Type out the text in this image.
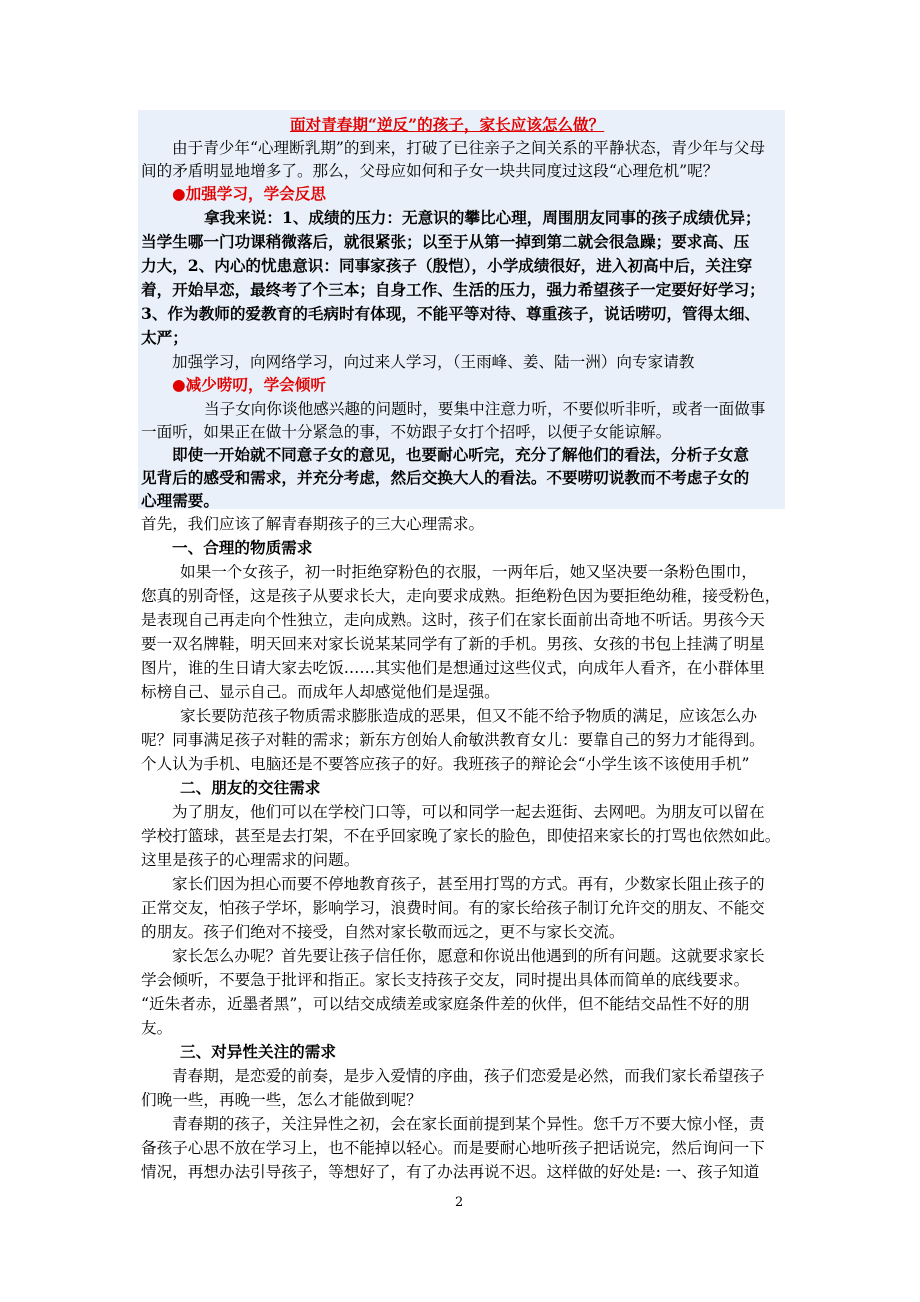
面对青春期“逆反”的孩子，家长应该怎么做？
由于青少年“心理断乳期”的到来，打破了已往亲子之间关系的平静状态，青少年与父母
间的矛盾明显地增多了。那么，父母应如何和子女一块共同度过这段“心理危机”呢？
●加强学习，学会反思
拿我来说：1、成绩的压力：无意识的攀比心理，周围朋友同事的孩子成绩优异；
当学生哪一门功课稍微落后，就很紧张；以至于从第一掉到第二就会很急躁；要求高、压
力大，2、内心的忧患意识：同事家孩子（殷恺），小学成绩很好，进入初高中后，关注穿
着，开始早恋，最终考了个三本；自身工作、生活的压力，强力希望孩子一定要好好学习；
3、作为教师的爱教育的毛病时有体现，不能平等对待、尊重孩子，说话唠叨，管得太细、
太严；
加强学习，向网络学习，向过来人学习，（王雨峰、姜、陆一洲）向专家请教
●减少唠叨，学会倾听
当子女向你谈他感兴趣的问题时，要集中注意力听，不要似听非听，或者一面做事
一面听，如果正在做十分紧急的事，不妨跟子女打个招呼，以便子女能谅解。
即使一开始就不同意子女的意见，也要耐心听完，充分了解他们的看法，分析子女意
见背后的感受和需求，并充分考虑，然后交换大人的看法。不要唠叨说教而不考虑子女的
心理需要。
首先，我们应该了解青春期孩子的三大心理需求。
一、合理的物质需求
如果一个女孩子，初一时拒绝穿粉色的衣服，一两年后，她又坚决要一条粉色围巾，
您真的别奇怪，这是孩子从要求长大，走向要求成熟。拒绝粉色因为要拒绝幼稚，接受粉色，
是表现自己再走向个性独立，走向成熟。这时，孩子们在家长面前出奇地不听话。男孩今天
要一双名牌鞋，明天回来对家长说某某同学有了新的手机。男孩、女孩的书包上挂满了明星
图片，谁的生日请大家去吃饭……其实他们是想通过这些仪式，向成年人看齐，在小群体里
标榜自己、显示自己。而成年人却感觉他们是逞强。
家长要防范孩子物质需求膨胀造成的恶果，但又不能不给予物质的满足，应该怎么办
呢？同事满足孩子对鞋的需求；新东方创始人俞敏洪教育女儿：要靠自己的努力才能得到。
个人认为手机、电脑还是不要答应孩子的好。我班孩子的辩论会“小学生该不该使用手机”
二、朋友的交往需求
为了朋友，他们可以在学校门口等，可以和同学一起去逛街、去网吧。为朋友可以留在
学校打篮球，甚至是去打架，不在乎回家晚了家长的脸色，即使招来家长的打骂也依然如此。
这里是孩子的心理需求的问题。
家长们因为担心而要不停地教育孩子，甚至用打骂的方式。再有，少数家长阻止孩子的
正常交友，怕孩子学坏，影响学习，浪费时间。有的家长给孩子制订允许交的朋友、不能交
的朋友。孩子们绝对不接受，自然对家长敬而远之，更不与家长交流。
家长怎么办呢？首先要让孩子信任你，愿意和你说出他遇到的所有问题。这就要求家长
学会倾听，不要急于批评和指正。家长支持孩子交友，同时提出具体而简单的底线要求。
“近朱者赤，近墨者黑”，可以结交成绩差或家庭条件差的伙伴，但不能结交品性不好的朋
友。
三、对异性关注的需求
青春期，是恋爱的前奏，是步入爱情的序曲，孩子们恋爱是必然，而我们家长希望孩子
们晚一些，再晚一些，怎么才能做到呢？
青春期的孩子，关注异性之初，会在家长面前提到某个异性。您千万不要大惊小怪，责
备孩子心思不放在学习上，也不能掉以轻心。而是要耐心地听孩子把话说完，然后询问一下
情况，再想办法引导孩子，等想好了，有了办法再说不迟。这样做的好处是: 一、孩子知道
2
